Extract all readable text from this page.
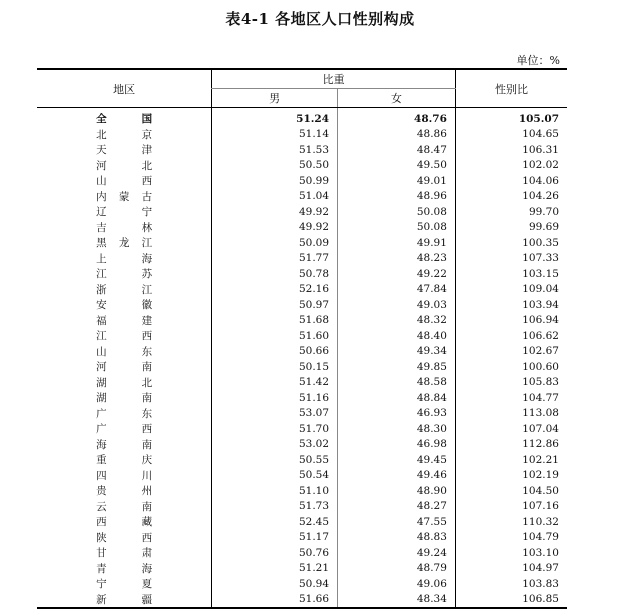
表4-1 各地区人口性别构成
单位：%
地区	比重		性别比
	男	女	
全 国	51.24	48.76	105.07
北 京	51.14	48.86	104.65
天 津	51.53	48.47	106.31
河 北	50.50	49.50	102.02
山 西	50.99	49.01	104.06
内蒙古	51.04	48.96	104.26
辽 宁	49.92	50.08	99.70
吉 林	49.92	50.08	99.69
黑龙江	50.09	49.91	100.35
上 海	51.77	48.23	107.33
江 苏	50.78	49.22	103.15
浙 江	52.16	47.84	109.04
安 徽	50.97	49.03	103.94
福 建	51.68	48.32	106.94
江 西	51.60	48.40	106.62
山 东	50.66	49.34	102.67
河 南	50.15	49.85	100.60
湖 北	51.42	48.58	105.83
湖 南	51.16	48.84	104.77
广 东	53.07	46.93	113.08
广 西	51.70	48.30	107.04
海 南	53.02	46.98	112.86
重 庆	50.55	49.45	102.21
四 川	50.54	49.46	102.19
贵 州	51.10	48.90	104.50
云 南	51.73	48.27	107.16
西 藏	52.45	47.55	110.32
陕 西	51.17	48.83	104.79
甘 肃	50.76	49.24	103.10
青 海	51.21	48.79	104.97
宁 夏	50.94	49.06	103.83
新 疆	51.66	48.34	106.85
